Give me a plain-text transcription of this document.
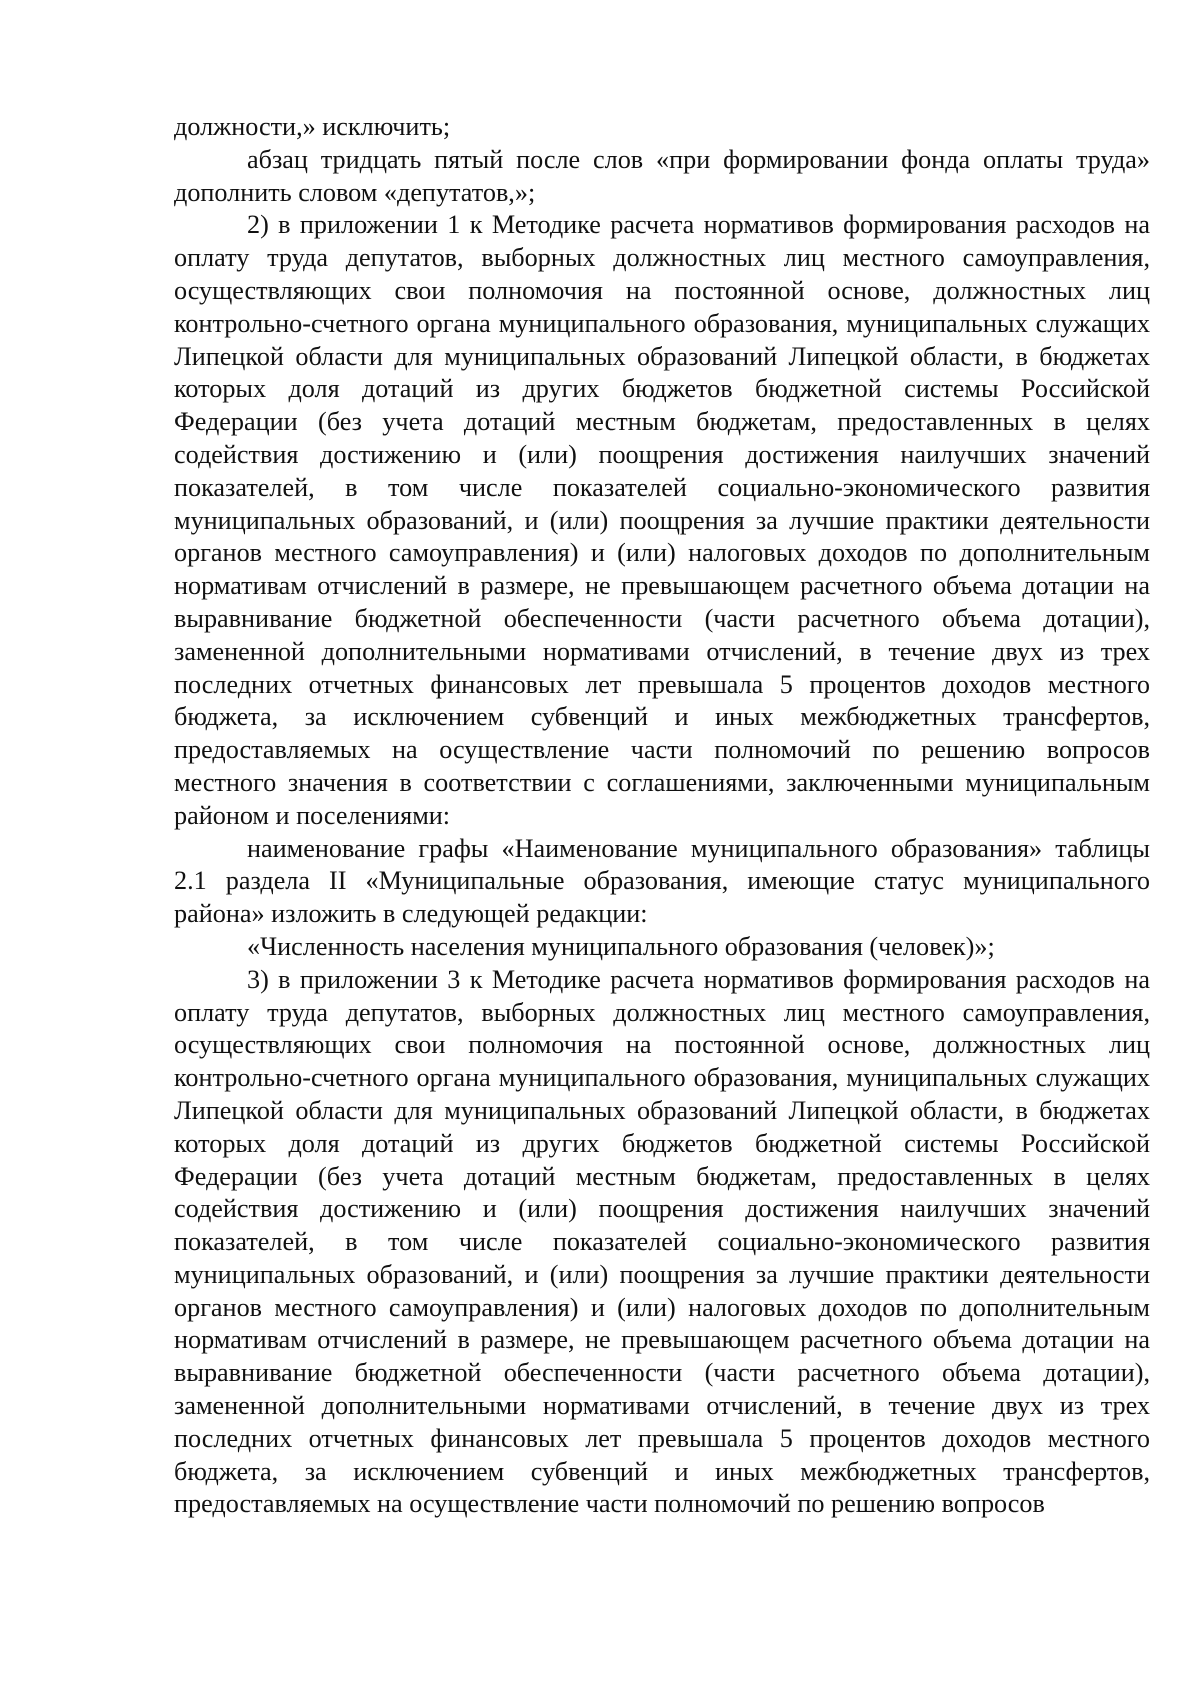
должности,» исключить;

абзац тридцать пятый после слов «при формировании фонда оплаты труда» дополнить словом «депутатов,»;

2) в приложении 1 к Методике расчета нормативов формирования расходов на оплату труда депутатов, выборных должностных лиц местного самоуправления, осуществляющих свои полномочия на постоянной основе, должностных лиц контрольно-счетного органа муниципального образования, муниципальных служащих Липецкой области для муниципальных образований Липецкой области, в бюджетах которых доля дотаций из других бюджетов бюджетной системы Российской Федерации (без учета дотаций местным бюджетам, предоставленных в целях содействия достижению и (или) поощрения достижения наилучших значений показателей, в том числе показателей социально-экономического развития муниципальных образований, и (или) поощрения за лучшие практики деятельности органов местного самоуправления) и (или) налоговых доходов по дополнительным нормативам отчислений в размере, не превышающем расчетного объема дотации на выравнивание бюджетной обеспеченности (части расчетного объема дотации), замененной дополнительными нормативами отчислений, в течение двух из трех последних отчетных финансовых лет превышала 5 процентов доходов местного бюджета, за исключением субвенций и иных межбюджетных трансфертов, предоставляемых на осуществление части полномочий по решению вопросов местного значения в соответствии с соглашениями, заключенными муниципальным районом и поселениями:

наименование графы «Наименование муниципального образования» таблицы 2.1 раздела II «Муниципальные образования, имеющие статус муниципального района» изложить в следующей редакции:

«Численность населения муниципального образования (человек)»;

3) в приложении 3 к Методике расчета нормативов формирования расходов на оплату труда депутатов, выборных должностных лиц местного самоуправления, осуществляющих свои полномочия на постоянной основе, должностных лиц контрольно-счетного органа муниципального образования, муниципальных служащих Липецкой области для муниципальных образований Липецкой области, в бюджетах которых доля дотаций из других бюджетов бюджетной системы Российской Федерации (без учета дотаций местным бюджетам, предоставленных в целях содействия достижению и (или) поощрения достижения наилучших значений показателей, в том числе показателей социально-экономического развития муниципальных образований, и (или) поощрения за лучшие практики деятельности органов местного самоуправления) и (или) налоговых доходов по дополнительным нормативам отчислений в размере, не превышающем расчетного объема дотации на выравнивание бюджетной обеспеченности (части расчетного объема дотации), замененной дополнительными нормативами отчислений, в течение двух из трех последних отчетных финансовых лет превышала 5 процентов доходов местного бюджета, за исключением субвенций и иных межбюджетных трансфертов, предоставляемых на осуществление части полномочий по решению вопросов
